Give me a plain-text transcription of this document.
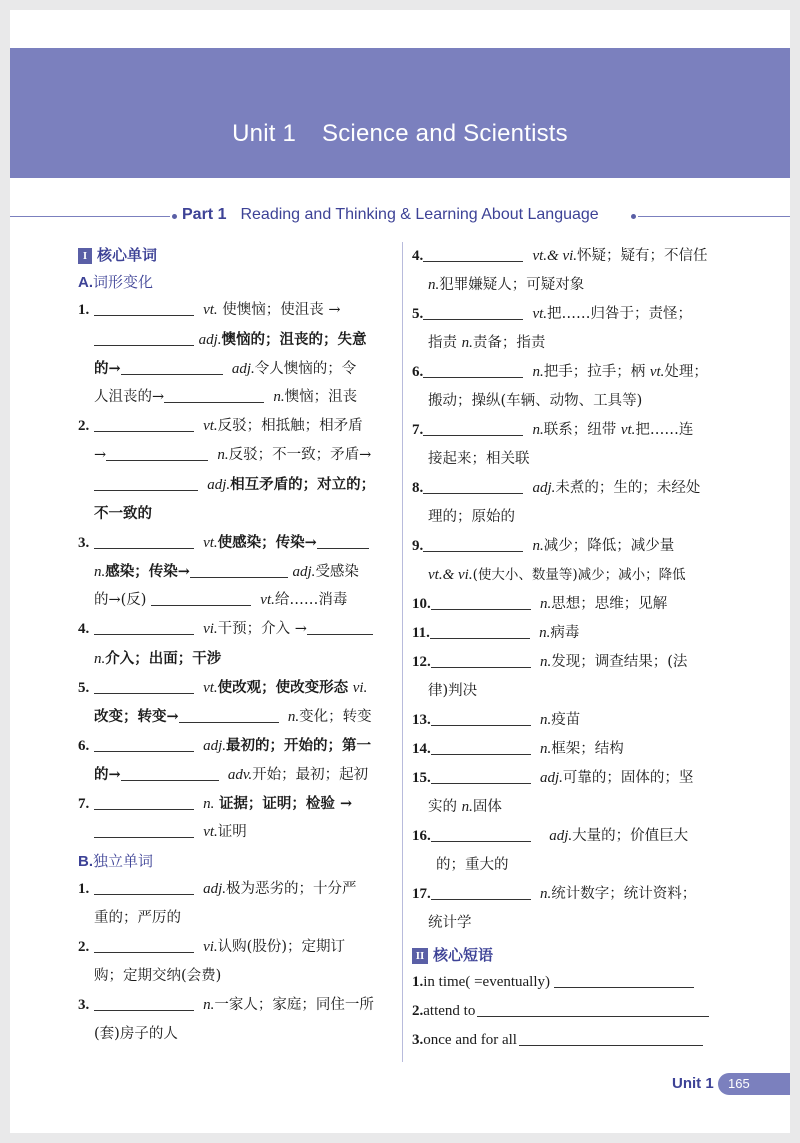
Unit 1 Science and Scientists
Part 1 Reading and Thinking & Learning About Language
I 核心单词
A.词形变化
1.	vt. 使懊恼；使沮丧 →
adj.懊恼的；沮丧的；失意
的→	adj.令人懊恼的；令
人沮丧的→	n.懊恼；沮丧
2.	vt.反驳；相抵触；相矛盾
→	n.反驳；不一致；矛盾→
adj.相互矛盾的；对立的；
不一致的
3.	vt.使感染；传染→
n.感染；传染→	adj.受感染
的→(反)	vt.给……消毒
4.	vi.干预；介入 →
n.介入；出面；干涉
5.	vt.使改观；使改变形态 vi.
改变；转变→	n.变化；转变
6.	adj.最初的；开始的；第一
的→	adv.开始；最初；起初
7.	n. 证据；证明；检验 →
vt.证明
B.独立单词
1.	adj.极为恶劣的；十分严
重的；严厉的
2.	vi.认购(股份)；定期订
购；定期交纳(会费)
3.	n.一家人；家庭；同住一所
(套)房子的人
4.	vt.& vi.怀疑；疑有；不信任
n.犯罪嫌疑人；可疑对象
5.	vt.把……归咎于；责怪；
指责 n.责备；指责
6.	n.把手；拉手；柄 vt.处理；
搬动；操纵(车辆、动物、工具等)
7.	n.联系；纽带 vt.把……连
接起来；相关联
8.	adj.未煮的；生的；未经处
理的；原始的
9.	n.减少；降低；减少量
vt.& vi.(使大小、数量等)减少；减小；降低
10.	n.思想；思维；见解
11.	n.病毒
12.	n.发现；调查结果；(法
律)判决
13.	n.疫苗
14.	n.框架；结构
15.	adj.可靠的；固体的；坚
实的 n.固体
16.	adj.大量的；价值巨大
的；重大的
17.	n.统计数字；统计资料；
统计学
II 核心短语
1.in time( =eventually)
2.attend to
3.once and for all
Unit 1	165
